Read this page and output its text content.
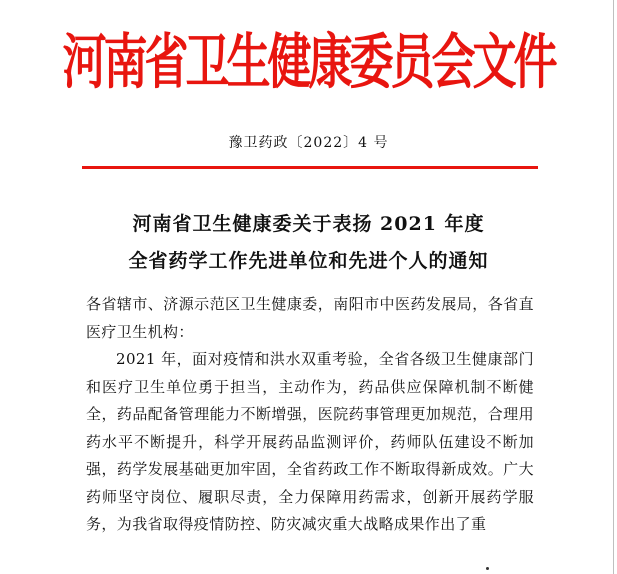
河南省卫生健康委员会文件
豫卫药政〔2022〕4 号
河南省卫生健康委关于表扬 2021 年度
全省药学工作先进单位和先进个人的通知

各省辖市、济源示范区卫生健康委，南阳市中医药发展局，各省直医疗卫生机构：

2021 年，面对疫情和洪水双重考验，全省各级卫生健康部门和医疗卫生单位勇于担当，主动作为，药品供应保障机制不断健全，药品配备管理能力不断增强，医院药事管理更加规范，合理用药水平不断提升，科学开展药品监测评价，药师队伍建设不断加强，药学发展基础更加牢固，全省药政工作不断取得新成效。广大药师坚守岗位、履职尽责，全力保障用药需求，创新开展药学服务，为我省取得疫情防控、防灾减灾重大战略成果作出了重
